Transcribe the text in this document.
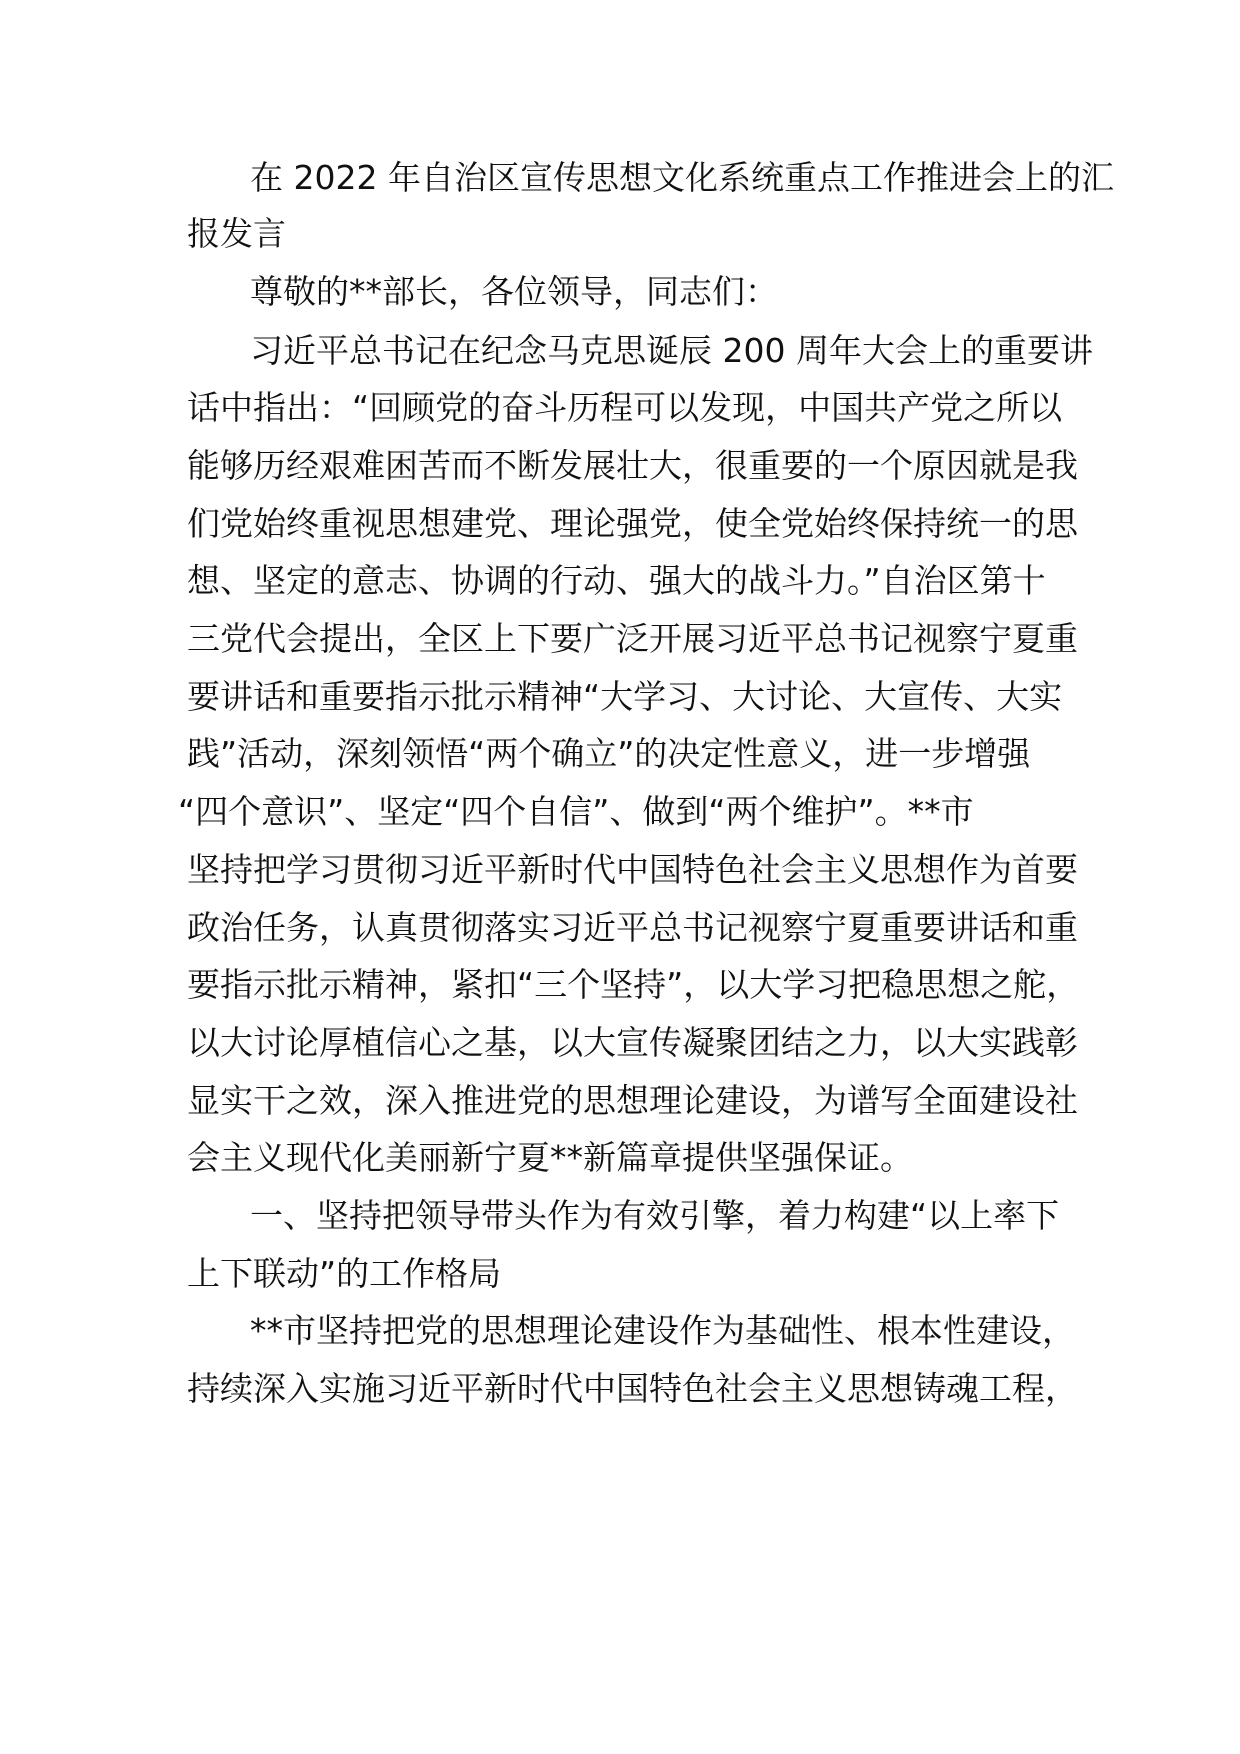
在 2022 年自治区宣传思想文化系统重点工作推进会上的汇

报发言

尊敬的**部长，各位领导，同志们：

习近平总书记在纪念马克思诞辰 200 周年大会上的重要讲

话中指出：“回顾党的奋斗历程可以发现，中国共产党之所以

能够历经艰难困苦而不断发展壮大，很重要的一个原因就是我

们党始终重视思想建党、理论强党，使全党始终保持统一的思

想、坚定的意志、协调的行动、强大的战斗力。”自治区第十

三党代会提出，全区上下要广泛开展习近平总书记视察宁夏重

要讲话和重要指示批示精神“大学习、大讨论、大宣传、大实

践”活动，深刻领悟“两个确立”的决定性意义，进一步增强

“四个意识”、坚定“四个自信”、做到“两个维护”。**市

坚持把学习贯彻习近平新时代中国特色社会主义思想作为首要

政治任务，认真贯彻落实习近平总书记视察宁夏重要讲话和重

要指示批示精神，紧扣“三个坚持”，以大学习把稳思想之舵，

以大讨论厚植信心之基，以大宣传凝聚团结之力，以大实践彰

显实干之效，深入推进党的思想理论建设，为谱写全面建设社

会主义现代化美丽新宁夏**新篇章提供坚强保证。

一、坚持把领导带头作为有效引擎，着力构建“以上率下

上下联动”的工作格局

**市坚持把党的思想理论建设作为基础性、根本性建设，

持续深入实施习近平新时代中国特色社会主义思想铸魂工程，
